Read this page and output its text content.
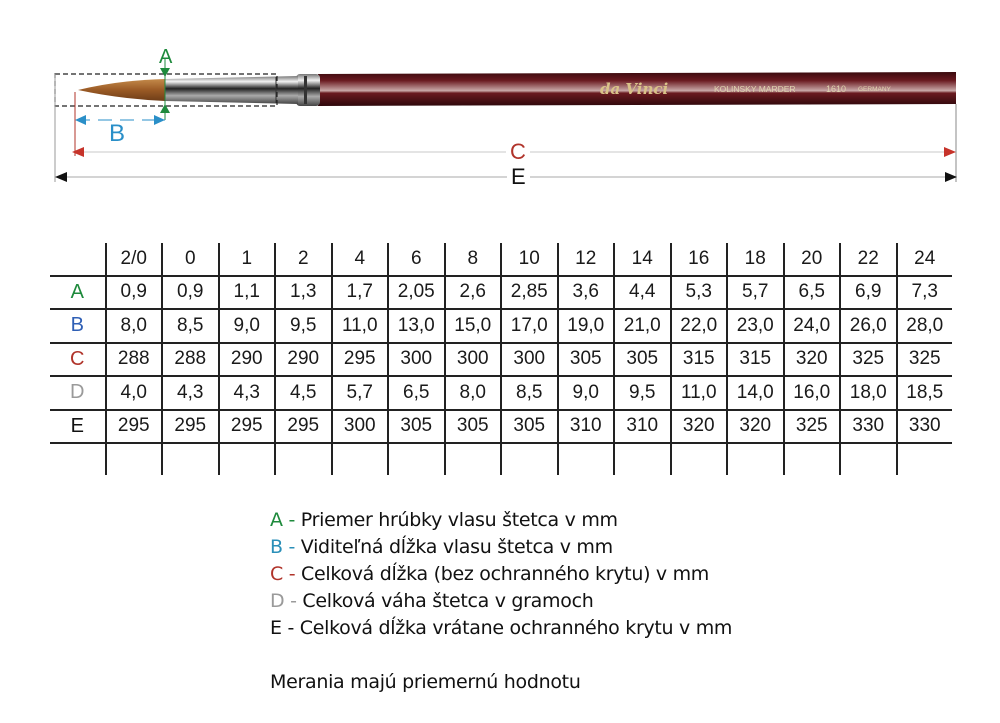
da Vinci	KOLINSKY MARDER	1610 GERMANY
A
B
C
E
	2/0	0	1	2	4	6	8	10	12	14	16	18	20	22	24
A	0,9	0,9	1,1	1,3	1,7	2,05	2,6	2,85	3,6	4,4	5,3	5,7	6,5	6,9	7,3
B	8,0	8,5	9,0	9,5	11,0	13,0	15,0	17,0	19,0	21,0	22,0	23,0	24,0	26,0	28,0
C	288	288	290	290	295	300	300	300	305	305	315	315	320	325	325
D	4,0	4,3	4,3	4,5	5,7	6,5	8,0	8,5	9,0	9,5	11,0	14,0	16,0	18,0	18,5
E	295	295	295	295	300	305	305	305	310	310	320	320	325	330	330

A - Priemer hrúbky vlasu štetca v mm
B - Viditeľná dĺžka vlasu štetca v mm
C - Celková dĺžka (bez ochranného krytu) v mm
D - Celková váha štetca v gramoch
E - Celková dĺžka vrátane ochranného krytu v mm
Merania majú priemernú hodnotu
